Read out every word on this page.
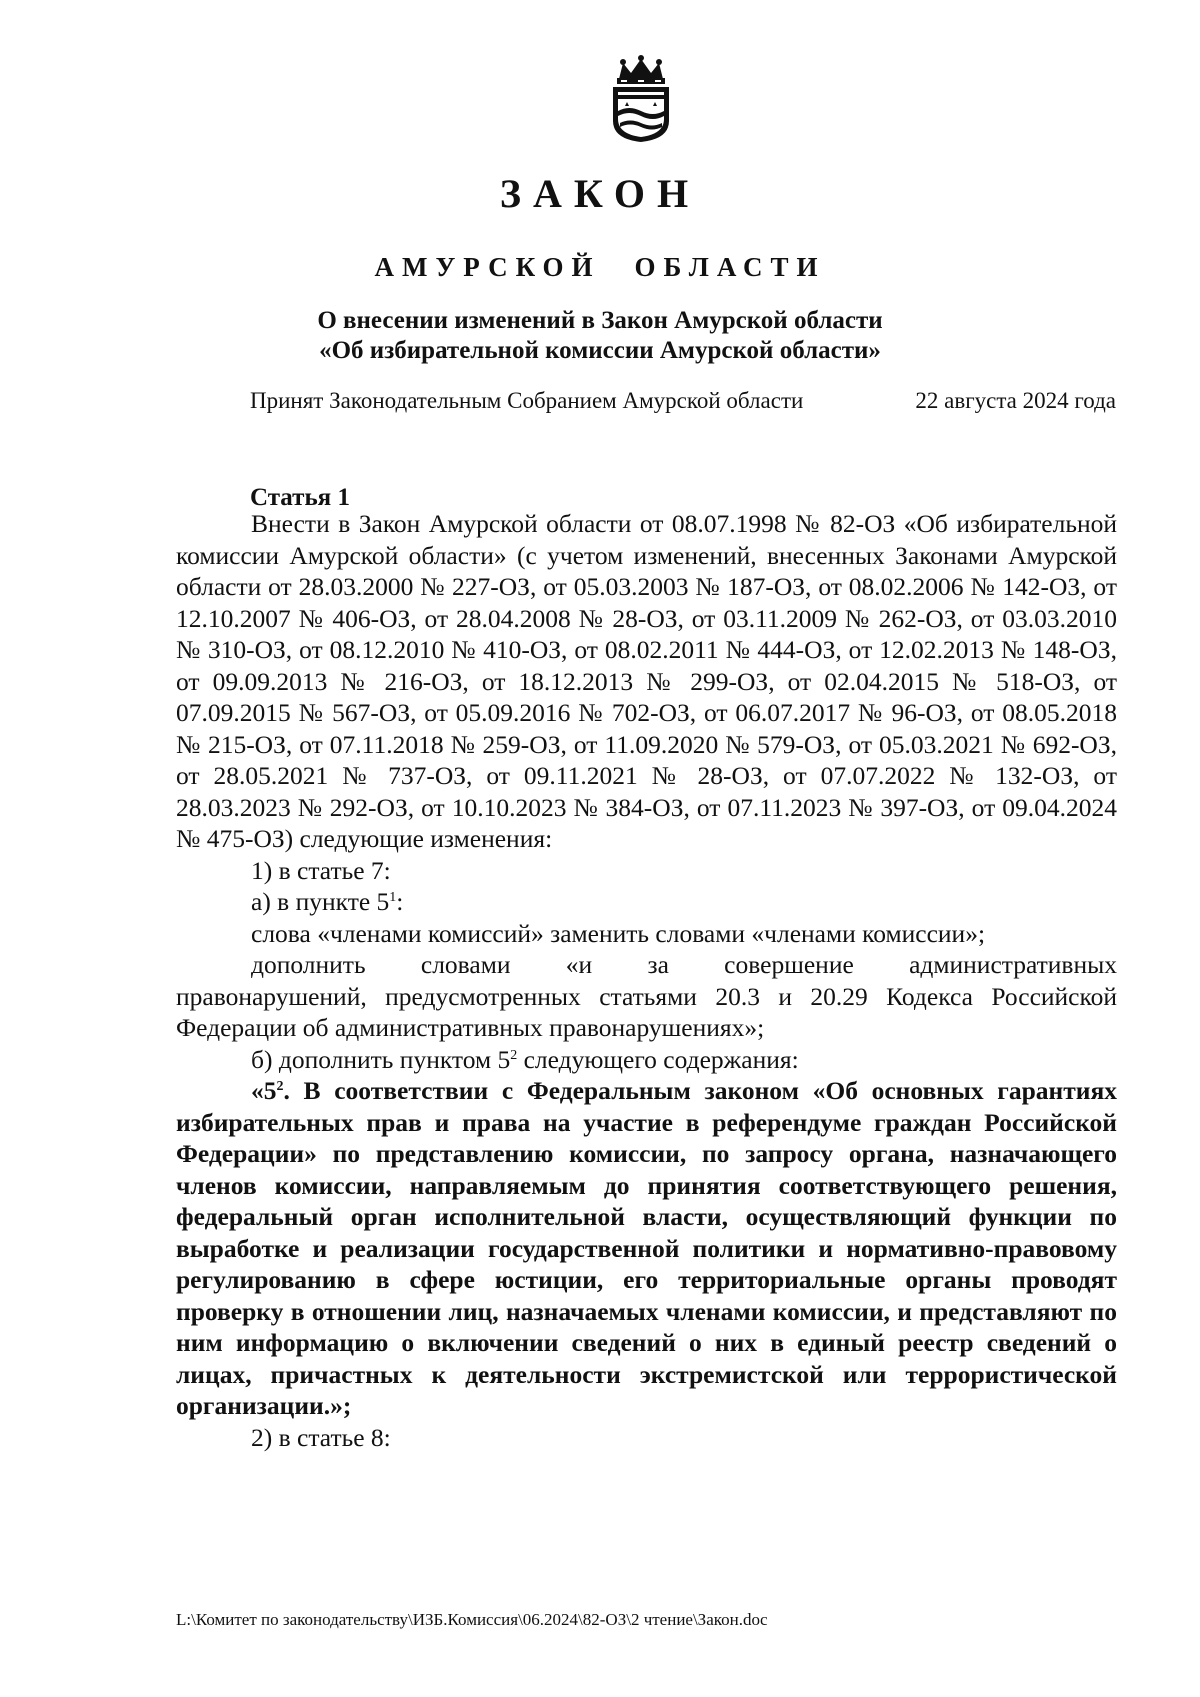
ЗАКОН
АМУРСКОЙ ОБЛАСТИ
О внесении изменений в Закон Амурской области
«Об избирательной комиссии Амурской области»
Принят Законодательным Собранием Амурской области	22 августа 2024 года
Статья 1

Внести в Закон Амурской области от 08.07.1998 № 82-ОЗ «Об избирательной комиссии Амурской области» (с учетом изменений, внесенных Законами Амурской области от 28.03.2000 № 227-ОЗ, от 05.03.2003 № 187-ОЗ, от 08.02.2006 № 142-ОЗ, от 12.10.2007 № 406-ОЗ, от 28.04.2008 № 28-ОЗ, от 03.11.2009 № 262-ОЗ, от 03.03.2010 № 310-ОЗ, от 08.12.2010 № 410-ОЗ, от 08.02.2011 № 444-ОЗ, от 12.02.2013 № 148-ОЗ, от 09.09.2013 № 216-ОЗ, от 18.12.2013 № 299-ОЗ, от 02.04.2015 № 518-ОЗ, от 07.09.2015 № 567-ОЗ, от 05.09.2016 № 702-ОЗ, от 06.07.2017 № 96-ОЗ, от 08.05.2018 № 215-ОЗ, от 07.11.2018 № 259-ОЗ, от 11.09.2020 № 579-ОЗ, от 05.03.2021 № 692-ОЗ, от 28.05.2021 № 737-ОЗ, от 09.11.2021 № 28-ОЗ, от 07.07.2022 № 132-ОЗ, от 28.03.2023 № 292-ОЗ, от 10.10.2023 № 384-ОЗ, от 07.11.2023 № 397-ОЗ, от 09.04.2024 № 475-ОЗ) следующие изменения:

1) в статье 7:

а) в пункте $5^1$:

слова «членами комиссий» заменить словами «членами комиссии»;

дополнить словами «и за совершение административных

правонарушений, предусмотренных статьями 20.3 и 20.29 Кодекса Российской Федерации об административных правонарушениях»;

б) дополнить пунктом $5^2$ следующего содержания:

«$5^2$. В соответствии с Федеральным законом «Об основных гарантиях избирательных прав и права на участие в референдуме граждан Российской Федерации» по представлению комиссии, по запросу органа, назначающего членов комиссии, направляемым до принятия соответствующего решения, федеральный орган исполнительной власти, осуществляющий функции по выработке и реализации государственной политики и нормативно-правовому регулированию в сфере юстиции, его территориальные органы проводят проверку в отношении лиц, назначаемых членами комиссии, и представляют по ним информацию о включении сведений о них в единый реестр сведений о лицах, причастных к деятельности экстремистской или террористической организации.»;

2) в статье 8:

L:\Комитет по законодательству\ИЗБ.Комиссия\06.2024\82-ОЗ\2 чтение\Закон.doc
